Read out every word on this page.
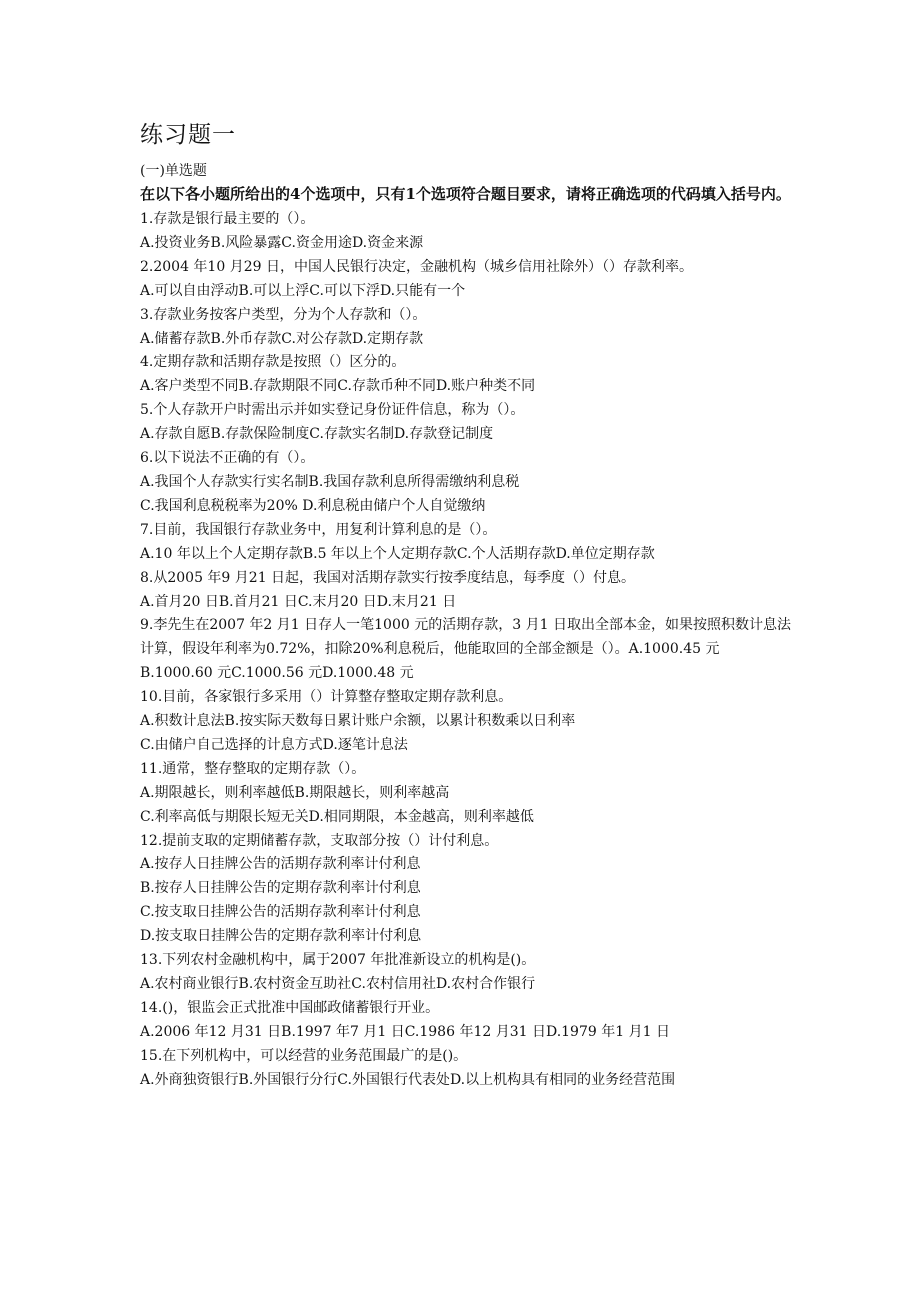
练习题一

(一)单选题

在以下各小题所给出的4个选项中，只有1个选项符合题目要求，请将正确选项的代码填入括号内。

1.存款是银行最主要的（）。

A.投资业务B.风险暴露C.资金用途D.资金来源

2.2004 年10 月29 日，中国人民银行决定，金融机构（城乡信用社除外）（）存款利率。

A.可以自由浮动B.可以上浮C.可以下浮D.只能有一个

3.存款业务按客户类型，分为个人存款和（）。

A.储蓄存款B.外币存款C.对公存款D.定期存款

4.定期存款和活期存款是按照（）区分的。

A.客户类型不同B.存款期限不同C.存款币种不同D.账户种类不同

5.个人存款开户时需出示并如实登记身份证件信息，称为（）。

A.存款自愿B.存款保险制度C.存款实名制D.存款登记制度

6.以下说法不正确的有（）。

A.我国个人存款实行实名制B.我国存款利息所得需缴纳利息税

C.我国利息税税率为20% D.利息税由储户个人自觉缴纳

7.目前，我国银行存款业务中，用复利计算利息的是（）。

A.10 年以上个人定期存款B.5 年以上个人定期存款C.个人活期存款D.单位定期存款

8.从2005 年9 月21 日起，我国对活期存款实行按季度结息，每季度（）付息。

A.首月20 日B.首月21 日C.末月20 日D.末月21 日

9.李先生在2007 年2 月1 日存人一笔1000 元的活期存款，3 月1 日取出全部本金，如果按照积数计息法

计算，假设年利率为0.72%，扣除20%利息税后，他能取回的全部金额是（）。A.1000.45 元

B.1000.60 元C.1000.56 元D.1000.48 元

10.目前，各家银行多采用（）计算整存整取定期存款利息。

A.积数计息法B.按实际天数每日累计账户余额，以累计积数乘以日利率

C.由储户自己选择的计息方式D.逐笔计息法

11.通常，整存整取的定期存款（）。

A.期限越长，则利率越低B.期限越长，则利率越高

C.利率高低与期限长短无关D.相同期限，本金越高，则利率越低

12.提前支取的定期储蓄存款，支取部分按（）计付利息。

A.按存人日挂牌公告的活期存款利率计付利息

B.按存人日挂牌公告的定期存款利率计付利息

C.按支取日挂牌公告的活期存款利率计付利息

D.按支取日挂牌公告的定期存款利率计付利息

13.下列农村金融机构中，属于2007 年批准新设立的机构是()。

A.农村商业银行B.农村资金互助社C.农村信用社D.农村合作银行

14.()，银监会正式批准中国邮政储蓄银行开业。

A.2006 年12 月31 日B.1997 年7 月1 日C.1986 年12 月31 日D.1979 年1 月1 日

15.在下列机构中，可以经营的业务范围最广的是()。

A.外商独资银行B.外国银行分行C.外国银行代表处D.以上机构具有相同的业务经营范围
